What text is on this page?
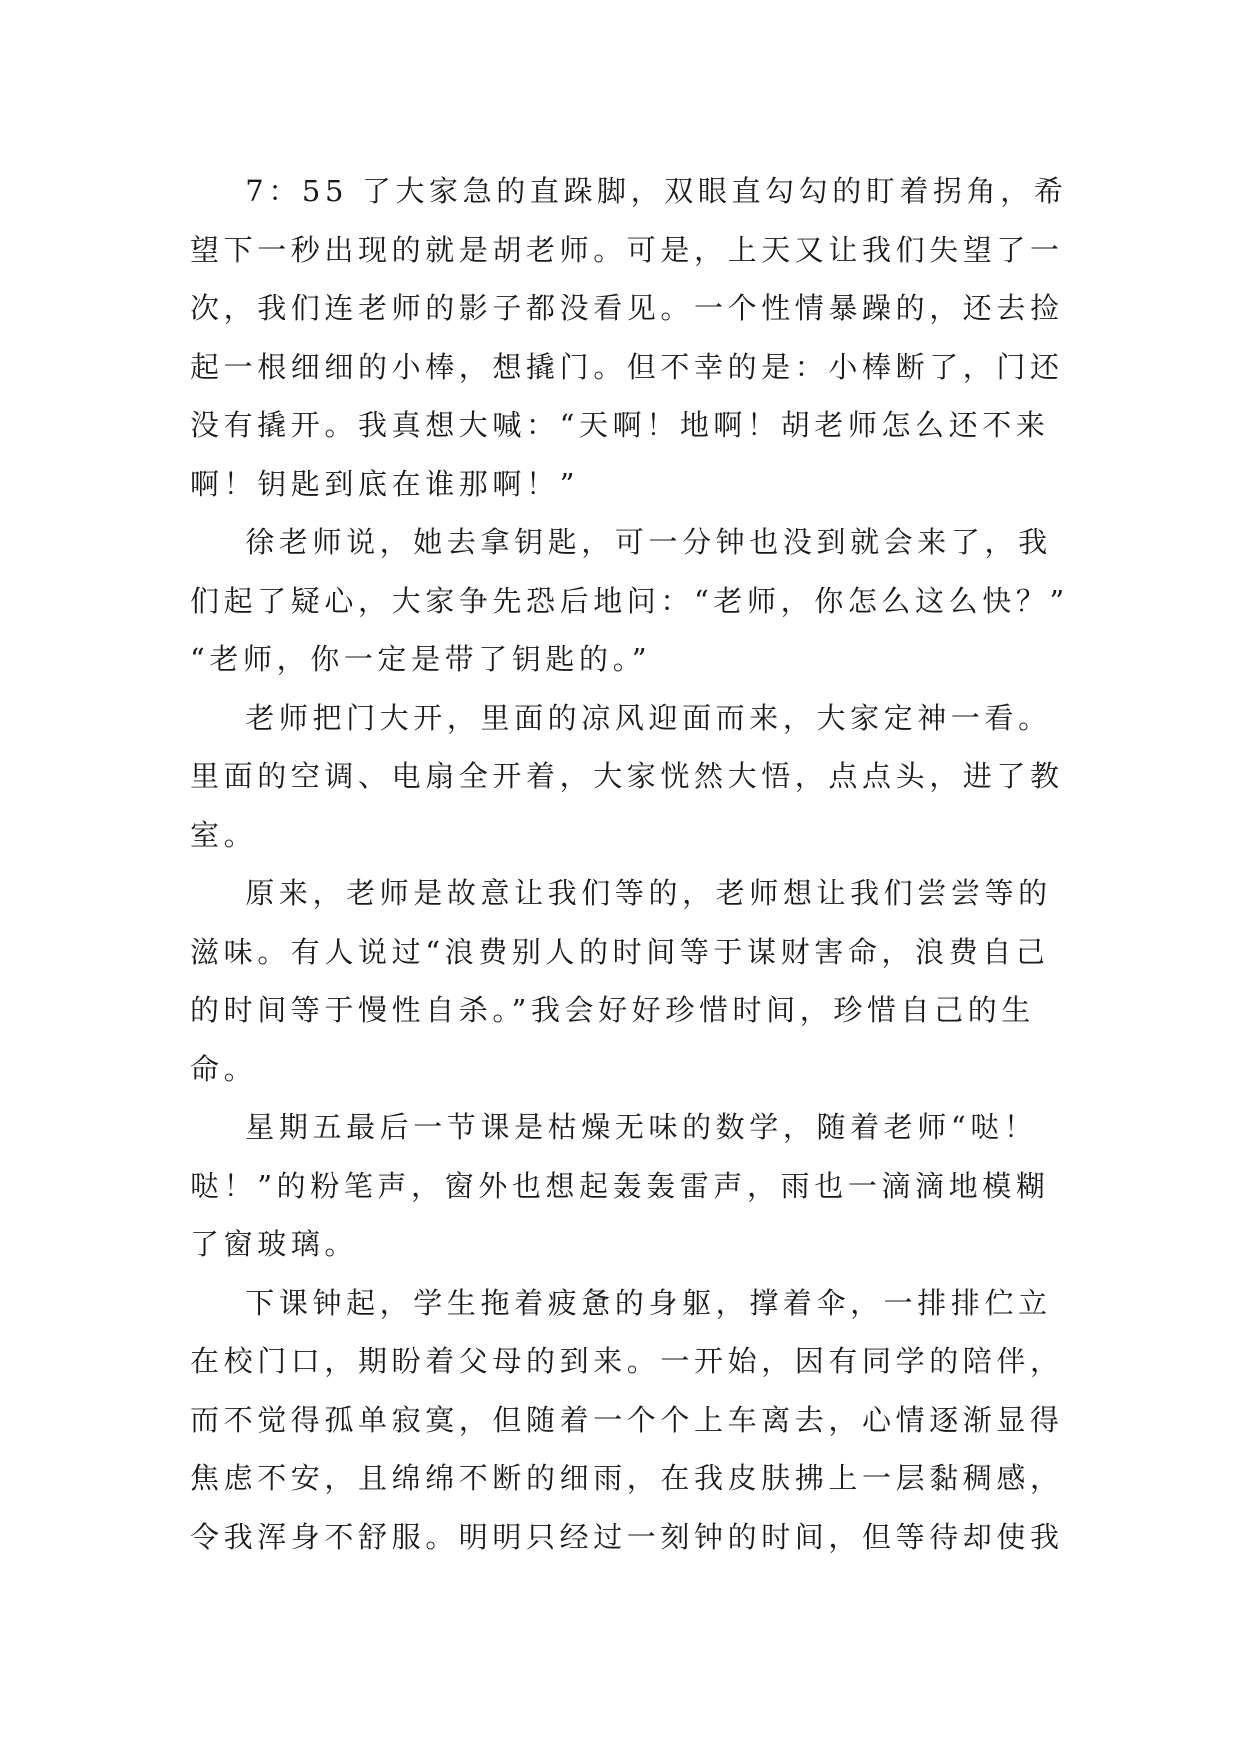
7：55 了大家急的直跺脚，双眼直勾勾的盯着拐角，希
望下一秒出现的就是胡老师。可是，上天又让我们失望了一
次，我们连老师的影子都没看见。一个性情暴躁的，还去捡
起一根细细的小棒，想撬门。但不幸的是：小棒断了，门还
没有撬开。我真想大喊：“天啊！地啊！胡老师怎么还不来
啊！钥匙到底在谁那啊！”
徐老师说，她去拿钥匙，可一分钟也没到就会来了，我
们起了疑心，大家争先恐后地问：“老师，你怎么这么快？”
“老师，你一定是带了钥匙的。”
老师把门大开，里面的凉风迎面而来，大家定神一看。
里面的空调、电扇全开着，大家恍然大悟，点点头，进了教
室。
原来，老师是故意让我们等的，老师想让我们尝尝等的
滋味。有人说过“浪费别人的时间等于谋财害命，浪费自己
的时间等于慢性自杀。”我会好好珍惜时间，珍惜自己的生
命。
星期五最后一节课是枯燥无味的数学，随着老师“哒！
哒！”的粉笔声，窗外也想起轰轰雷声，雨也一滴滴地模糊
了窗玻璃。
下课钟起，学生拖着疲惫的身躯，撑着伞，一排排伫立
在校门口，期盼着父母的到来。一开始，因有同学的陪伴，
而不觉得孤单寂寞，但随着一个个上车离去，心情逐渐显得
焦虑不安，且绵绵不断的细雨，在我皮肤拂上一层黏稠感，
令我浑身不舒服。明明只经过一刻钟的时间，但等待却使我
